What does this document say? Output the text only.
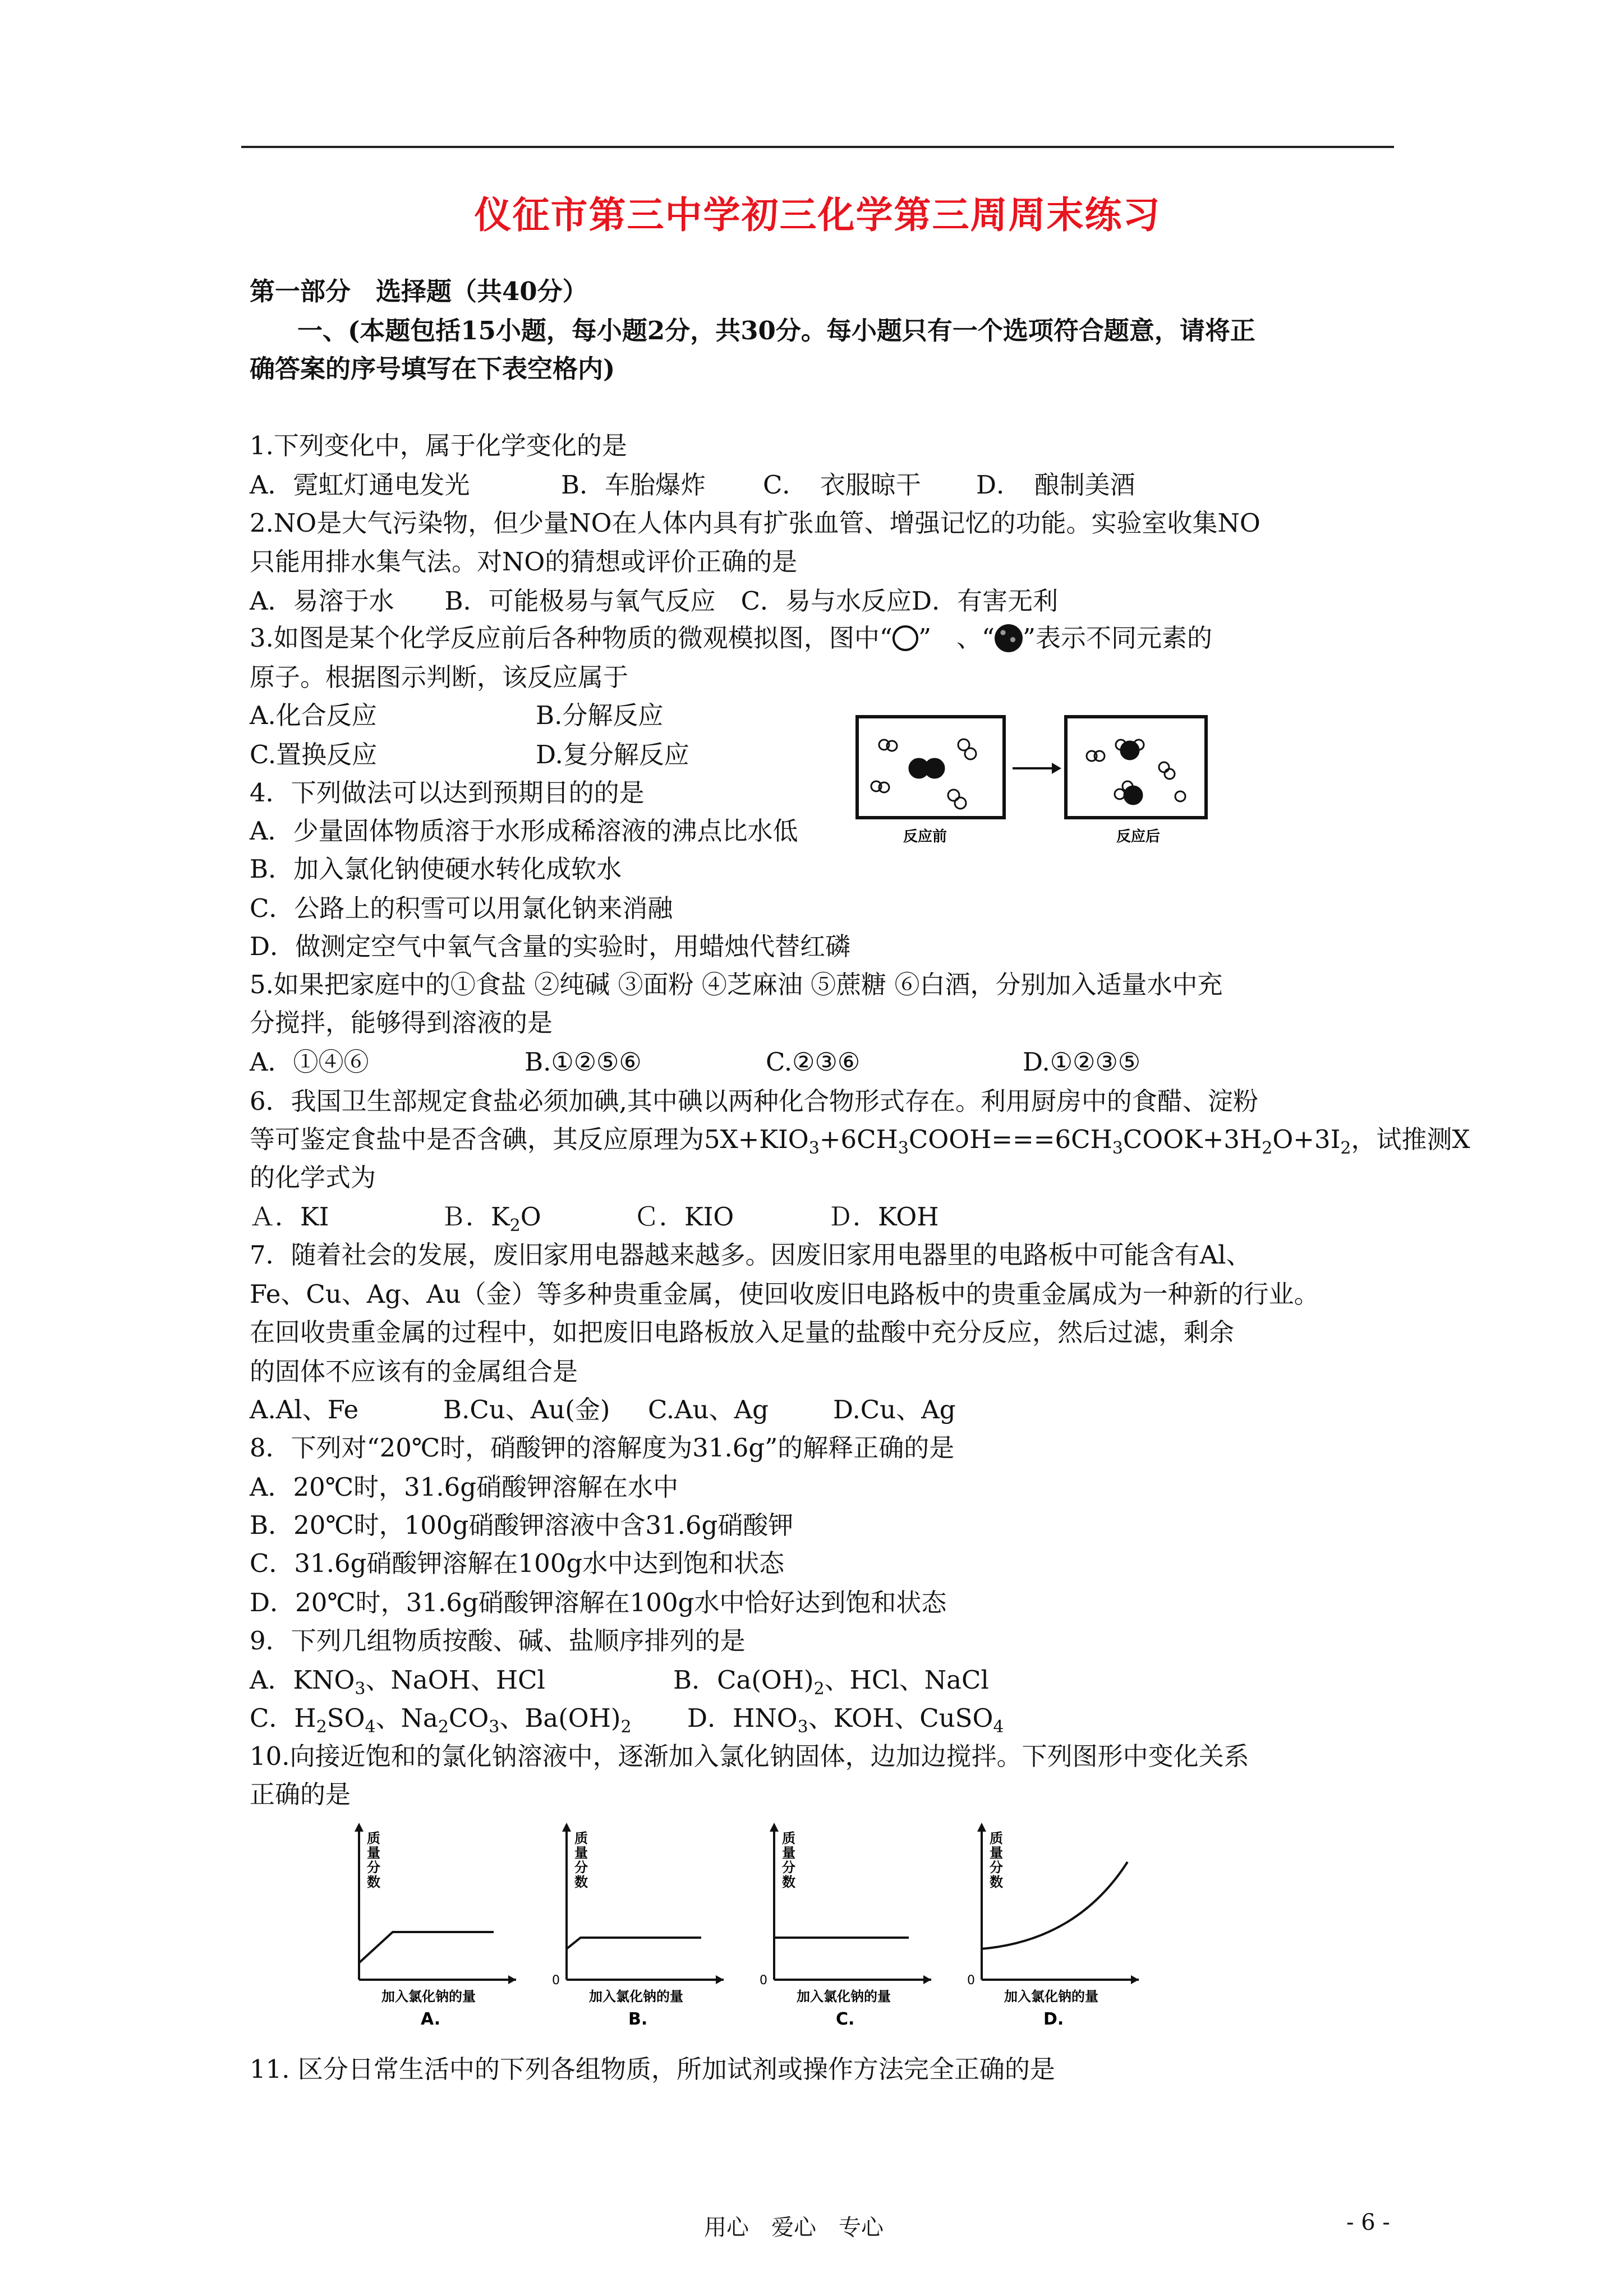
仪征市第三中学初三化学第三周周末练习
第一部分　选择题（共40分）
一、(本题包括15小题，每小题2分，共30分。每小题只有一个选项符合题意，请将正
确答案的序号填写在下表空格内)
1.下列变化中，属于化学变化的是
A．霓虹灯通电发光	B．车胎爆炸 C．　衣服晾干 D．　酿制美酒
2.NO是大气污染物，但少量NO在人体内具有扩张血管、增强记忆的功能。实验室收集NO
只能用排水集气法。对NO的猜想或评价正确的是
A．易溶于水　　B．可能极易与氧气反应　C．易与水反应D．有害无利
3.如图是某个化学反应前后各种物质的微观模拟图，图中“ ”　、“ ”表示不同元素的
原子。根据图示判断，该反应属于
A.化合反应	B.分解反应
C.置换反应	D.复分解反应
反应前	反应后
4．下列做法可以达到预期目的的是
A．少量固体物质溶于水形成稀溶液的沸点比水低
B．加入氯化钠使硬水转化成软水
C．公路上的积雪可以用氯化钠来消融
D．做测定空气中氧气含量的实验时，用蜡烛代替红磷
5.如果把家庭中的①食盐 ②纯碱 ③面粉 ④芝麻油 ⑤蔗糖 ⑥白酒，分别加入适量水中充
分搅拌，能够得到溶液的是
A．①④⑥	B.①②⑤⑥	C.②③⑥	D.①②③⑤
6．我国卫生部规定食盐必须加碘,其中碘以两种化合物形式存在。利用厨房中的食醋、淀粉
等可鉴定食盐中是否含碘，其反应原理为$5X+KIO_3+6CH_3COOH===6CH_3COOK+3H_2O+3I_2$，试推测X
的化学式为
Ａ．KI	Ｂ．$K_2O$	Ｃ．KIO	Ｄ．KOH
7．随着社会的发展，废旧家用电器越来越多。因废旧家用电器里的电路板中可能含有Al、
Fe、Cu、Ag、Au（金）等多种贵重金属，使回收废旧电路板中的贵重金属成为一种新的行业。
在回收贵重金属的过程中，如把废旧电路板放入足量的盐酸中充分反应，然后过滤，剩余
的固体不应该有的金属组合是
A.Al、Fe	B.Cu、Au(金) C.Au、Ag	D.Cu、Ag
8．下列对“20℃时，硝酸钾的溶解度为31.6g”的解释正确的是
A．20℃时，31.6g硝酸钾溶解在水中
B．20℃时，100g硝酸钾溶液中含31.6g硝酸钾
C．31.6g硝酸钾溶解在100g水中达到饱和状态
D．20℃时，31.6g硝酸钾溶解在100g水中恰好达到饱和状态
9．下列几组物质按酸、碱、盐顺序排列的是
A．$KNO_3$、NaOH、HCl	B．$Ca(OH)_2$、HCl、NaCl
C．$H_2SO_4$、$Na_2CO_3$、$Ba(OH)_2$ D．$HNO_3$、KOH、CuSO$_4$
10.向接近饱和的氯化钠溶液中，逐渐加入氯化钠固体，边加边搅拌。下列图形中变化关系
正确的是
质
量
分
数
加入氯化钠的量
A.
质
量
分
数
0
加入氯化钠的量
B.
质
量
分
数
0
加入氯化钠的量
C.
质
量
分
数
0
加入氯化钠的量
D.
11. 区分日常生活中的下列各组物质，所加试剂或操作方法完全正确的是
用心　爱心　专心	- 6 -
